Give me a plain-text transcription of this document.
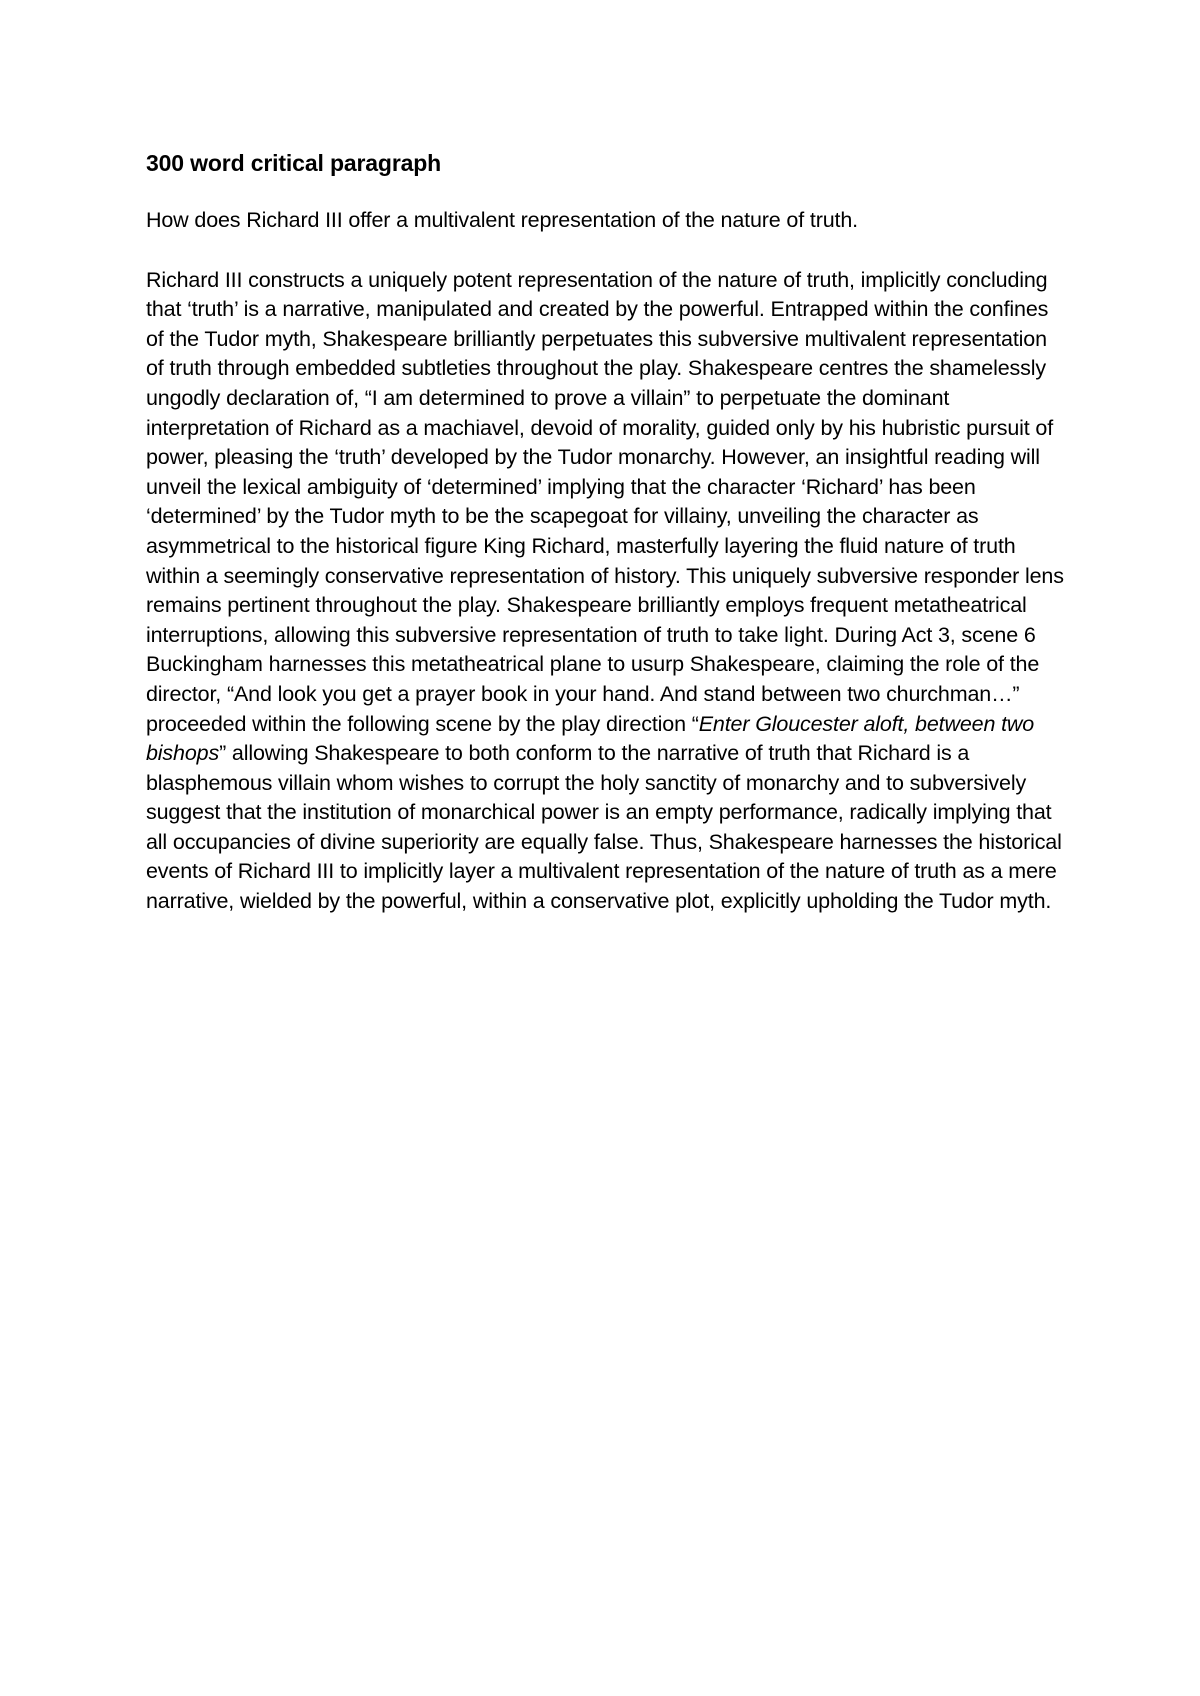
300 word critical paragraph

How does Richard III offer a multivalent representation of the nature of truth.

Richard III constructs a uniquely potent representation of the nature of truth, implicitly concluding that ‘truth’ is a narrative, manipulated and created by the powerful. Entrapped within the confines of the Tudor myth, Shakespeare brilliantly perpetuates this subversive multivalent representation of truth through embedded subtleties throughout the play. Shakespeare centres the shamelessly ungodly declaration of, “I am determined to prove a villain” to perpetuate the dominant interpretation of Richard as a machiavel, devoid of morality, guided only by his hubristic pursuit of power, pleasing the ‘truth’ developed by the Tudor monarchy. However, an insightful reading will unveil the lexical ambiguity of ‘determined’ implying that the character ‘Richard’ has been ‘determined’ by the Tudor myth to be the scapegoat for villainy, unveiling the character as asymmetrical to the historical figure King Richard, masterfully layering the fluid nature of truth within a seemingly conservative representation of history. This uniquely subversive responder lens remains pertinent throughout the play. Shakespeare brilliantly employs frequent metatheatrical interruptions, allowing this subversive representation of truth to take light. During Act 3, scene 6 Buckingham harnesses this metatheatrical plane to usurp Shakespeare, claiming the role of the director, “And look you get a prayer book in your hand. And stand between two churchman…” proceeded within the following scene by the play direction “Enter Gloucester aloft, between two bishops” allowing Shakespeare to both conform to the narrative of truth that Richard is a blasphemous villain whom wishes to corrupt the holy sanctity of monarchy and to subversively suggest that the institution of monarchical power is an empty performance, radically implying that all occupancies of divine superiority are equally false. Thus, Shakespeare harnesses the historical events of Richard III to implicitly layer a multivalent representation of the nature of truth as a mere narrative, wielded by the powerful, within a conservative plot, explicitly upholding the Tudor myth.
